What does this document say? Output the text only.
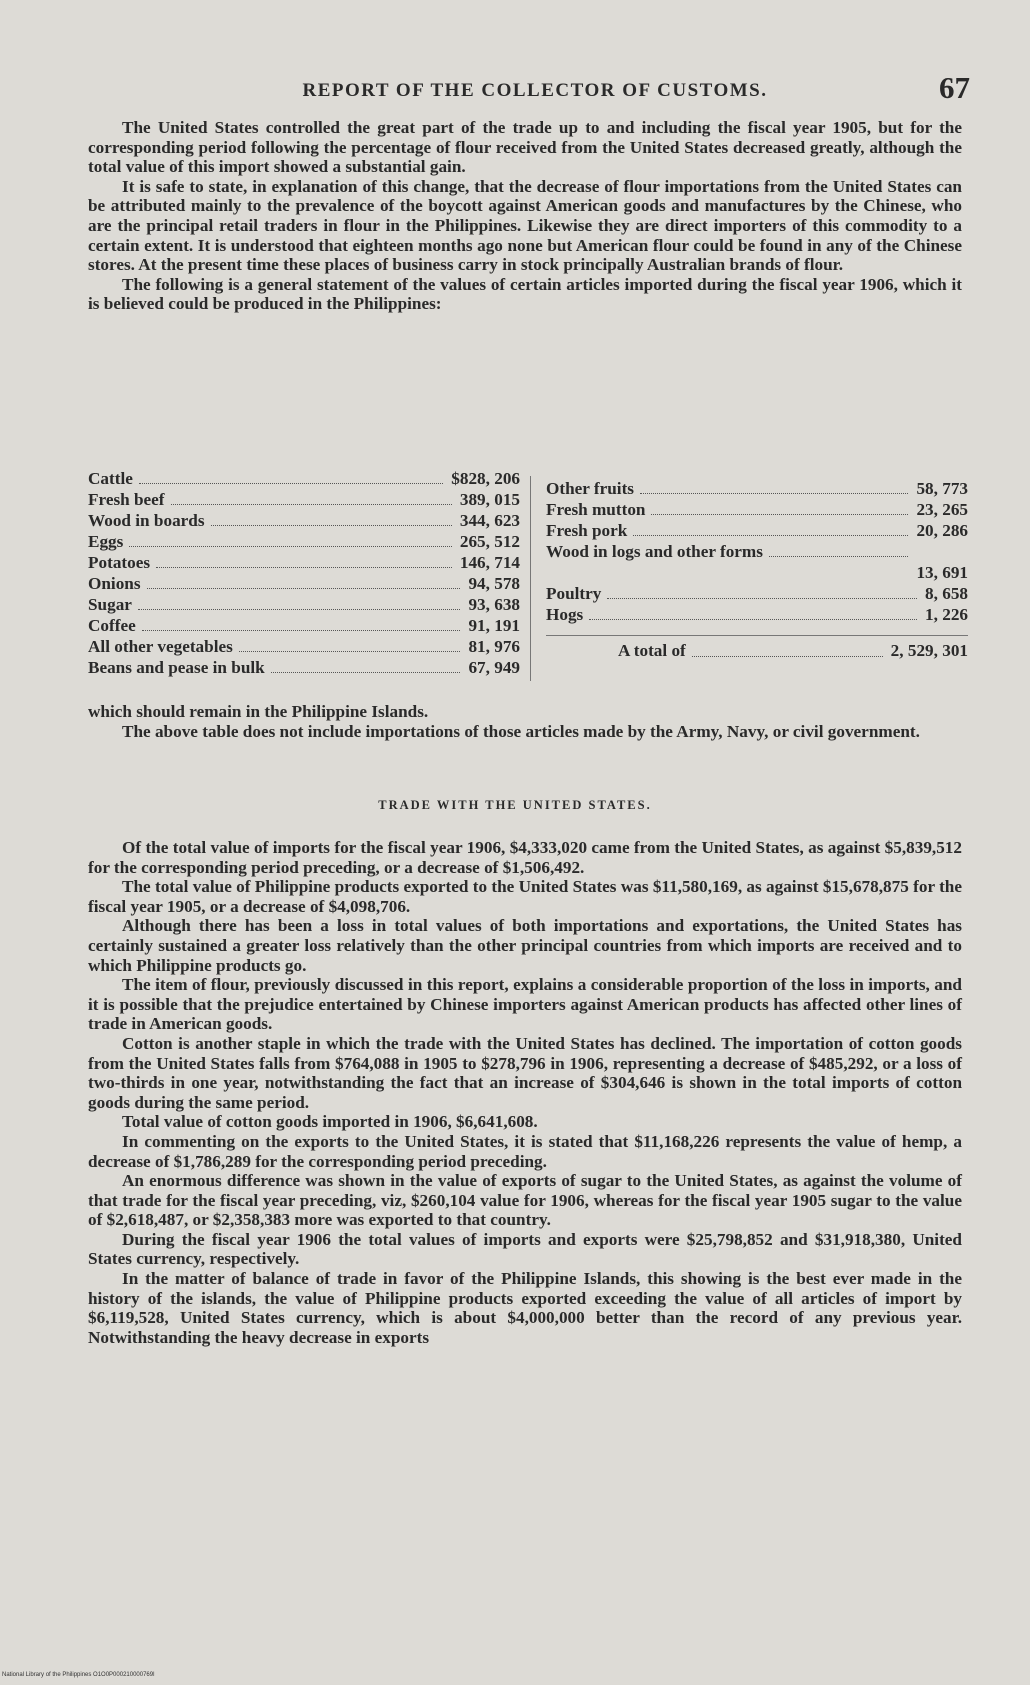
REPORT OF THE COLLECTOR OF CUSTOMS.	67

The United States controlled the great part of the trade up to and including the fiscal year 1905, but for the corresponding period following the percentage of flour received from the United States decreased greatly, although the total value of this import showed a substantial gain.

It is safe to state, in explanation of this change, that the decrease of flour importations from the United States can be attributed mainly to the prevalence of the boycott against American goods and manufactures by the Chinese, who are the principal retail traders in flour in the Philippines. Likewise they are direct importers of this commodity to a certain extent. It is understood that eighteen months ago none but American flour could be found in any of the Chinese stores. At the present time these places of business carry in stock principally Australian brands of flour.

The following is a general statement of the values of certain articles imported during the fiscal year 1906, which it is believed could be produced in the Philippines:

Cattle	$828, 206
Fresh beef	389, 015
Wood in boards	344, 623
Eggs	265, 512
Potatoes	146, 714
Onions	94, 578
Sugar	93, 638
Coffee	91, 191
All other vegetables	81, 976
Beans and pease in bulk	67, 949
Other fruits	58, 773
Fresh mutton	23, 265
Fresh pork	20, 286
Wood in logs and other forms
13, 691
Poultry	8, 658
Hogs	1, 226
A total of	2, 529, 301

which should remain in the Philippine Islands.

The above table does not include importations of those articles made by the Army, Navy, or civil government.

TRADE WITH THE UNITED STATES.

Of the total value of imports for the fiscal year 1906, $4,333,020 came from the United States, as against $5,839,512 for the corresponding period preceding, or a decrease of $1,506,492.

The total value of Philippine products exported to the United States was $11,580,169, as against $15,678,875 for the fiscal year 1905, or a decrease of $4,098,706.

Although there has been a loss in total values of both importations and exportations, the United States has certainly sustained a greater loss relatively than the other principal countries from which imports are received and to which Philippine products go.

The item of flour, previously discussed in this report, explains a considerable proportion of the loss in imports, and it is possible that the prejudice entertained by Chinese importers against American products has affected other lines of trade in American goods.

Cotton is another staple in which the trade with the United States has declined. The importation of cotton goods from the United States falls from $764,088 in 1905 to $278,796 in 1906, representing a decrease of $485,292, or a loss of two-thirds in one year, notwithstanding the fact that an increase of $304,646 is shown in the total imports of cotton goods during the same period.

Total value of cotton goods imported in 1906, $6,641,608.

In commenting on the exports to the United States, it is stated that $11,168,226 represents the value of hemp, a decrease of $1,786,289 for the corresponding period preceding.

An enormous difference was shown in the value of exports of sugar to the United States, as against the volume of that trade for the fiscal year preceding, viz, $260,104 value for 1906, whereas for the fiscal year 1905 sugar to the value of $2,618,487, or $2,358,383 more was exported to that country.

During the fiscal year 1906 the total values of imports and exports were $25,798,852 and $31,918,380, United States currency, respectively.

In the matter of balance of trade in favor of the Philippine Islands, this showing is the best ever made in the history of the islands, the value of Philippine products exported exceeding the value of all articles of import by $6,119,528, United States currency, which is about $4,000,000 better than the record of any previous year. Notwithstanding the heavy decrease in exports

National Library of the Philippines O1O0P000210000769l
